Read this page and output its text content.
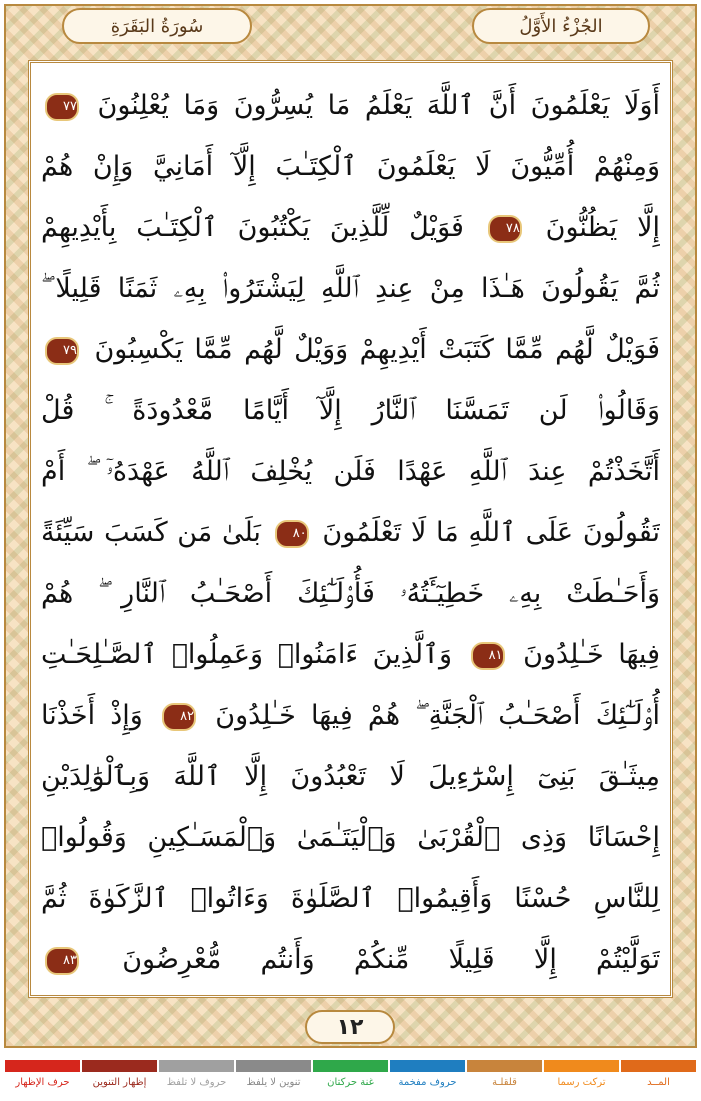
سُورَةُ البَقَرَةِ	الجُزْءُ الأَوَّلُ
أَوَلَا يَعْلَمُونَ أَنَّ ٱللَّهَ يَعْلَمُ مَا يُسِرُّونَ وَمَا يُعْلِنُونَ ٧٧
وَمِنْهُمْ أُمِّيُّونَ لَا يَعْلَمُونَ ٱلْكِتَـٰبَ إِلَّآ أَمَانِيَّ وَإِنْ هُمْ
إِلَّا يَظُنُّونَ ٧٨ فَوَيْلٌ لِّلَّذِينَ يَكْتُبُونَ ٱلْكِتَـٰبَ بِأَيْدِيهِمْ
ثُمَّ يَقُولُونَ هَـٰذَا مِنْ عِندِ ٱللَّهِ لِيَشْتَرُوا۟ بِهِۦ ثَمَنًا قَلِيلًا ۖ
فَوَيْلٌ لَّهُم مِّمَّا كَتَبَتْ أَيْدِيهِمْ وَوَيْلٌ لَّهُم مِّمَّا يَكْسِبُونَ ٧٩
وَقَالُوا۟ لَن تَمَسَّنَا ٱلنَّارُ إِلَّآ أَيَّامًا مَّعْدُودَةً ۚ قُلْ
أَتَّخَذْتُمْ عِندَ ٱللَّهِ عَهْدًا فَلَن يُخْلِفَ ٱللَّهُ عَهْدَهُۥٓ ۖ أَمْ
تَقُولُونَ عَلَى ٱللَّهِ مَا لَا تَعْلَمُونَ ٨٠ بَلَىٰ مَن كَسَبَ سَيِّئَةً
وَأَحَـٰطَتْ بِهِۦ خَطِيٓـَٔتُهُۥ فَأُو۟لَـٰٓئِكَ أَصْحَـٰبُ ٱلنَّارِ ۖ هُمْ
فِيهَا خَـٰلِدُونَ ٨١ وَٱلَّذِينَ ءَامَنُوا۟ وَعَمِلُوا۟ ٱلصَّـٰلِحَـٰتِ
أُو۟لَـٰٓئِكَ أَصْحَـٰبُ ٱلْجَنَّةِ ۖ هُمْ فِيهَا خَـٰلِدُونَ ٨٢ وَإِذْ أَخَذْنَا
مِيثَـٰقَ بَنِىٓ إِسْرَٰٓءِيلَ لَا تَعْبُدُونَ إِلَّا ٱللَّهَ وَبِٱلْوَٰلِدَيْنِ
إِحْسَانًا وَذِى ٱلْقُرْبَىٰ وَٱلْيَتَـٰمَىٰ وَٱلْمَسَـٰكِينِ وَقُولُوا۟
لِلنَّاسِ حُسْنًا وَأَقِيمُوا۟ ٱلصَّلَوٰةَ وَءَاتُوا۟ ٱلزَّكَوٰةَ ثُمَّ
تَوَلَّيْتُمْ إِلَّا قَلِيلًا مِّنكُمْ وَأَنتُم مُّعْرِضُونَ ٨٣
١٢
المــد
تركت رسما
قلقلـة
حروف مفخمة
غنة حركتان
تنوين لا يلفظ
حروف لا تلفظ
إظهار التنوين
حرف الإظهار
